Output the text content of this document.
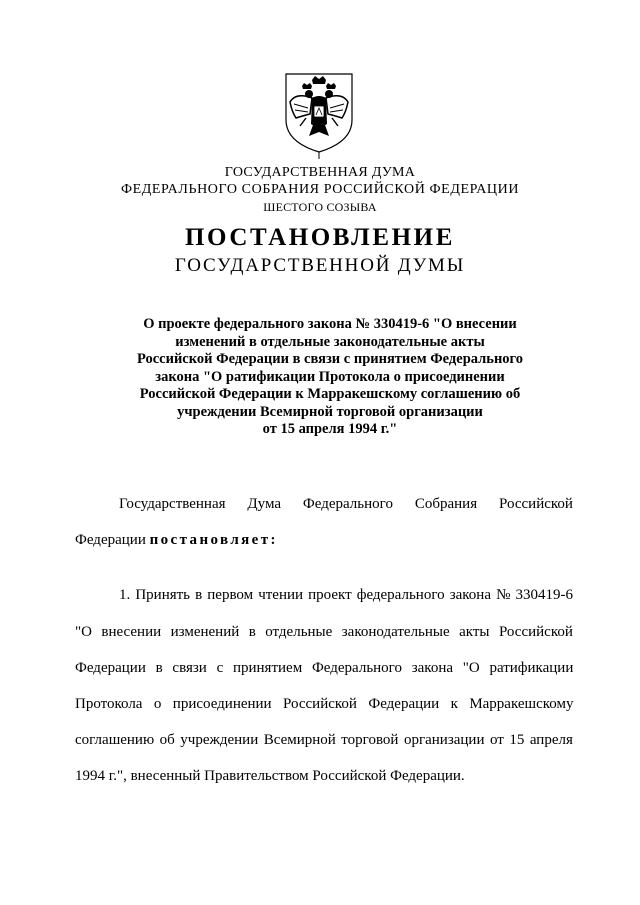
ГОСУДАРСТВЕННАЯ ДУМА
ФЕДЕРАЛЬНОГО СОБРАНИЯ РОССИЙСКОЙ ФЕДЕРАЦИИ
ШЕСТОГО СОЗЫВА
ПОСТАНОВЛЕНИЕ
ГОСУДАРСТВЕННОЙ ДУМЫ
О проекте федерального закона № 330419-6 "О внесении
изменений в отдельные законодательные акты
Российской Федерации в связи с принятием Федерального
закона "О ратификации Протокола о присоединении
Российской Федерации к Марракешскому соглашению об
учреждении Всемирной торговой организации
от 15 апреля 1994 г."
Государственная Дума Федерального Собрания Российской
Федерации постановляет:
1. Принять в первом чтении проект федерального закона № 330419-6
"О внесении изменений в отдельные законодательные акты Российской
Федерации в связи с принятием Федерального закона "О ратификации
Протокола о присоединении Российской Федерации к Марракешскому
соглашению об учреждении Всемирной торговой организации от 15 апреля
1994 г.", внесенный Правительством Российской Федерации.
